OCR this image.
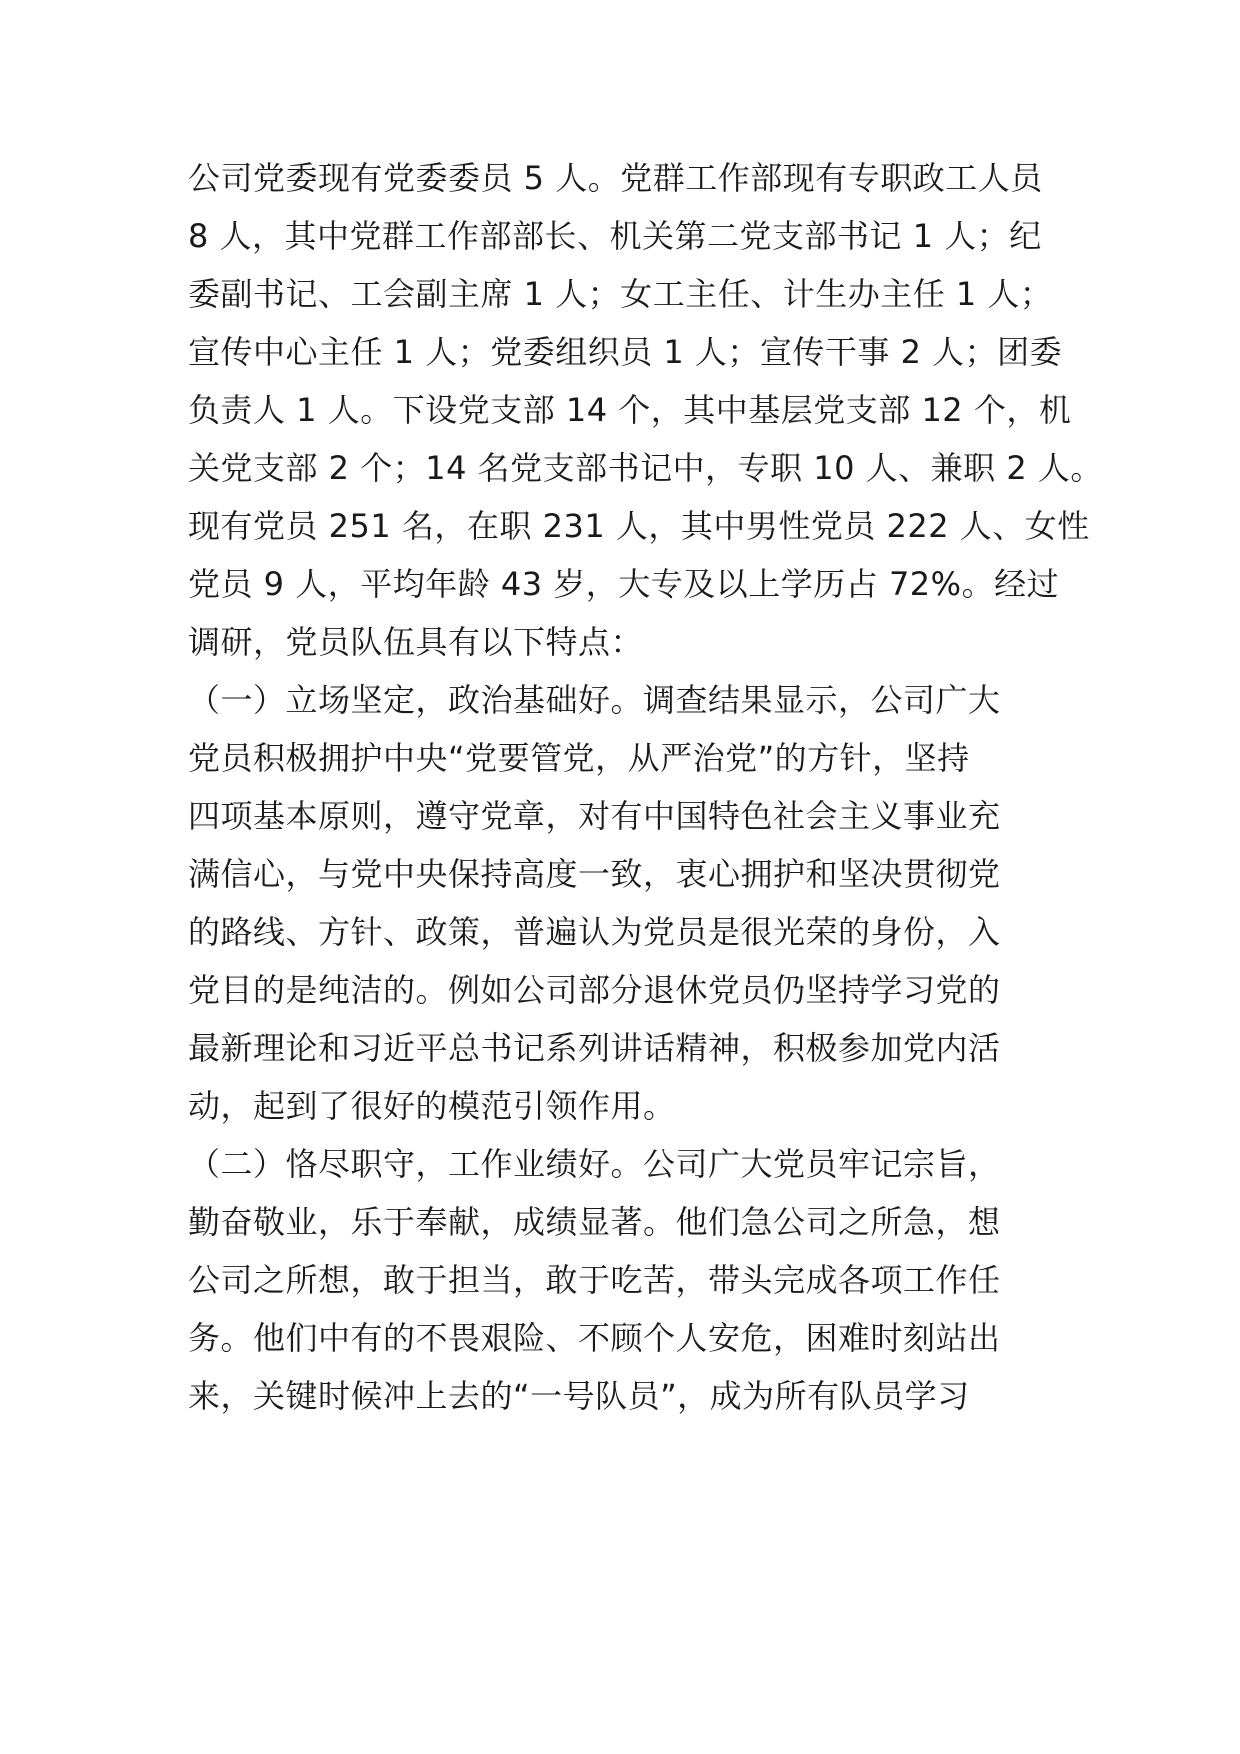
公司党委现有党委委员 5 人。党群工作部现有专职政工人员
8 人，其中党群工作部部长、机关第二党支部书记 1 人；纪
委副书记、工会副主席 1 人；女工主任、计生办主任 1 人；
宣传中心主任 1 人；党委组织员 1 人；宣传干事 2 人；团委
负责人 1 人。下设党支部 14 个，其中基层党支部 12 个，机
关党支部 2 个；14 名党支部书记中，专职 10 人、兼职 2 人。
现有党员 251 名，在职 231 人，其中男性党员 222 人、女性
党员 9 人，平均年龄 43 岁，大专及以上学历占 72%。经过
调研，党员队伍具有以下特点：
（一）立场坚定，政治基础好。调查结果显示，公司广大
党员积极拥护中央“党要管党，从严治党”的方针，坚持
四项基本原则，遵守党章，对有中国特色社会主义事业充
满信心，与党中央保持高度一致，衷心拥护和坚决贯彻党
的路线、方针、政策，普遍认为党员是很光荣的身份，入
党目的是纯洁的。例如公司部分退休党员仍坚持学习党的
最新理论和习近平总书记系列讲话精神，积极参加党内活
动，起到了很好的模范引领作用。
（二）恪尽职守，工作业绩好。公司广大党员牢记宗旨，
勤奋敬业，乐于奉献，成绩显著。他们急公司之所急，想
公司之所想，敢于担当，敢于吃苦，带头完成各项工作任
务。他们中有的不畏艰险、不顾个人安危，困难时刻站出
来，关键时候冲上去的“一号队员”，成为所有队员学习
